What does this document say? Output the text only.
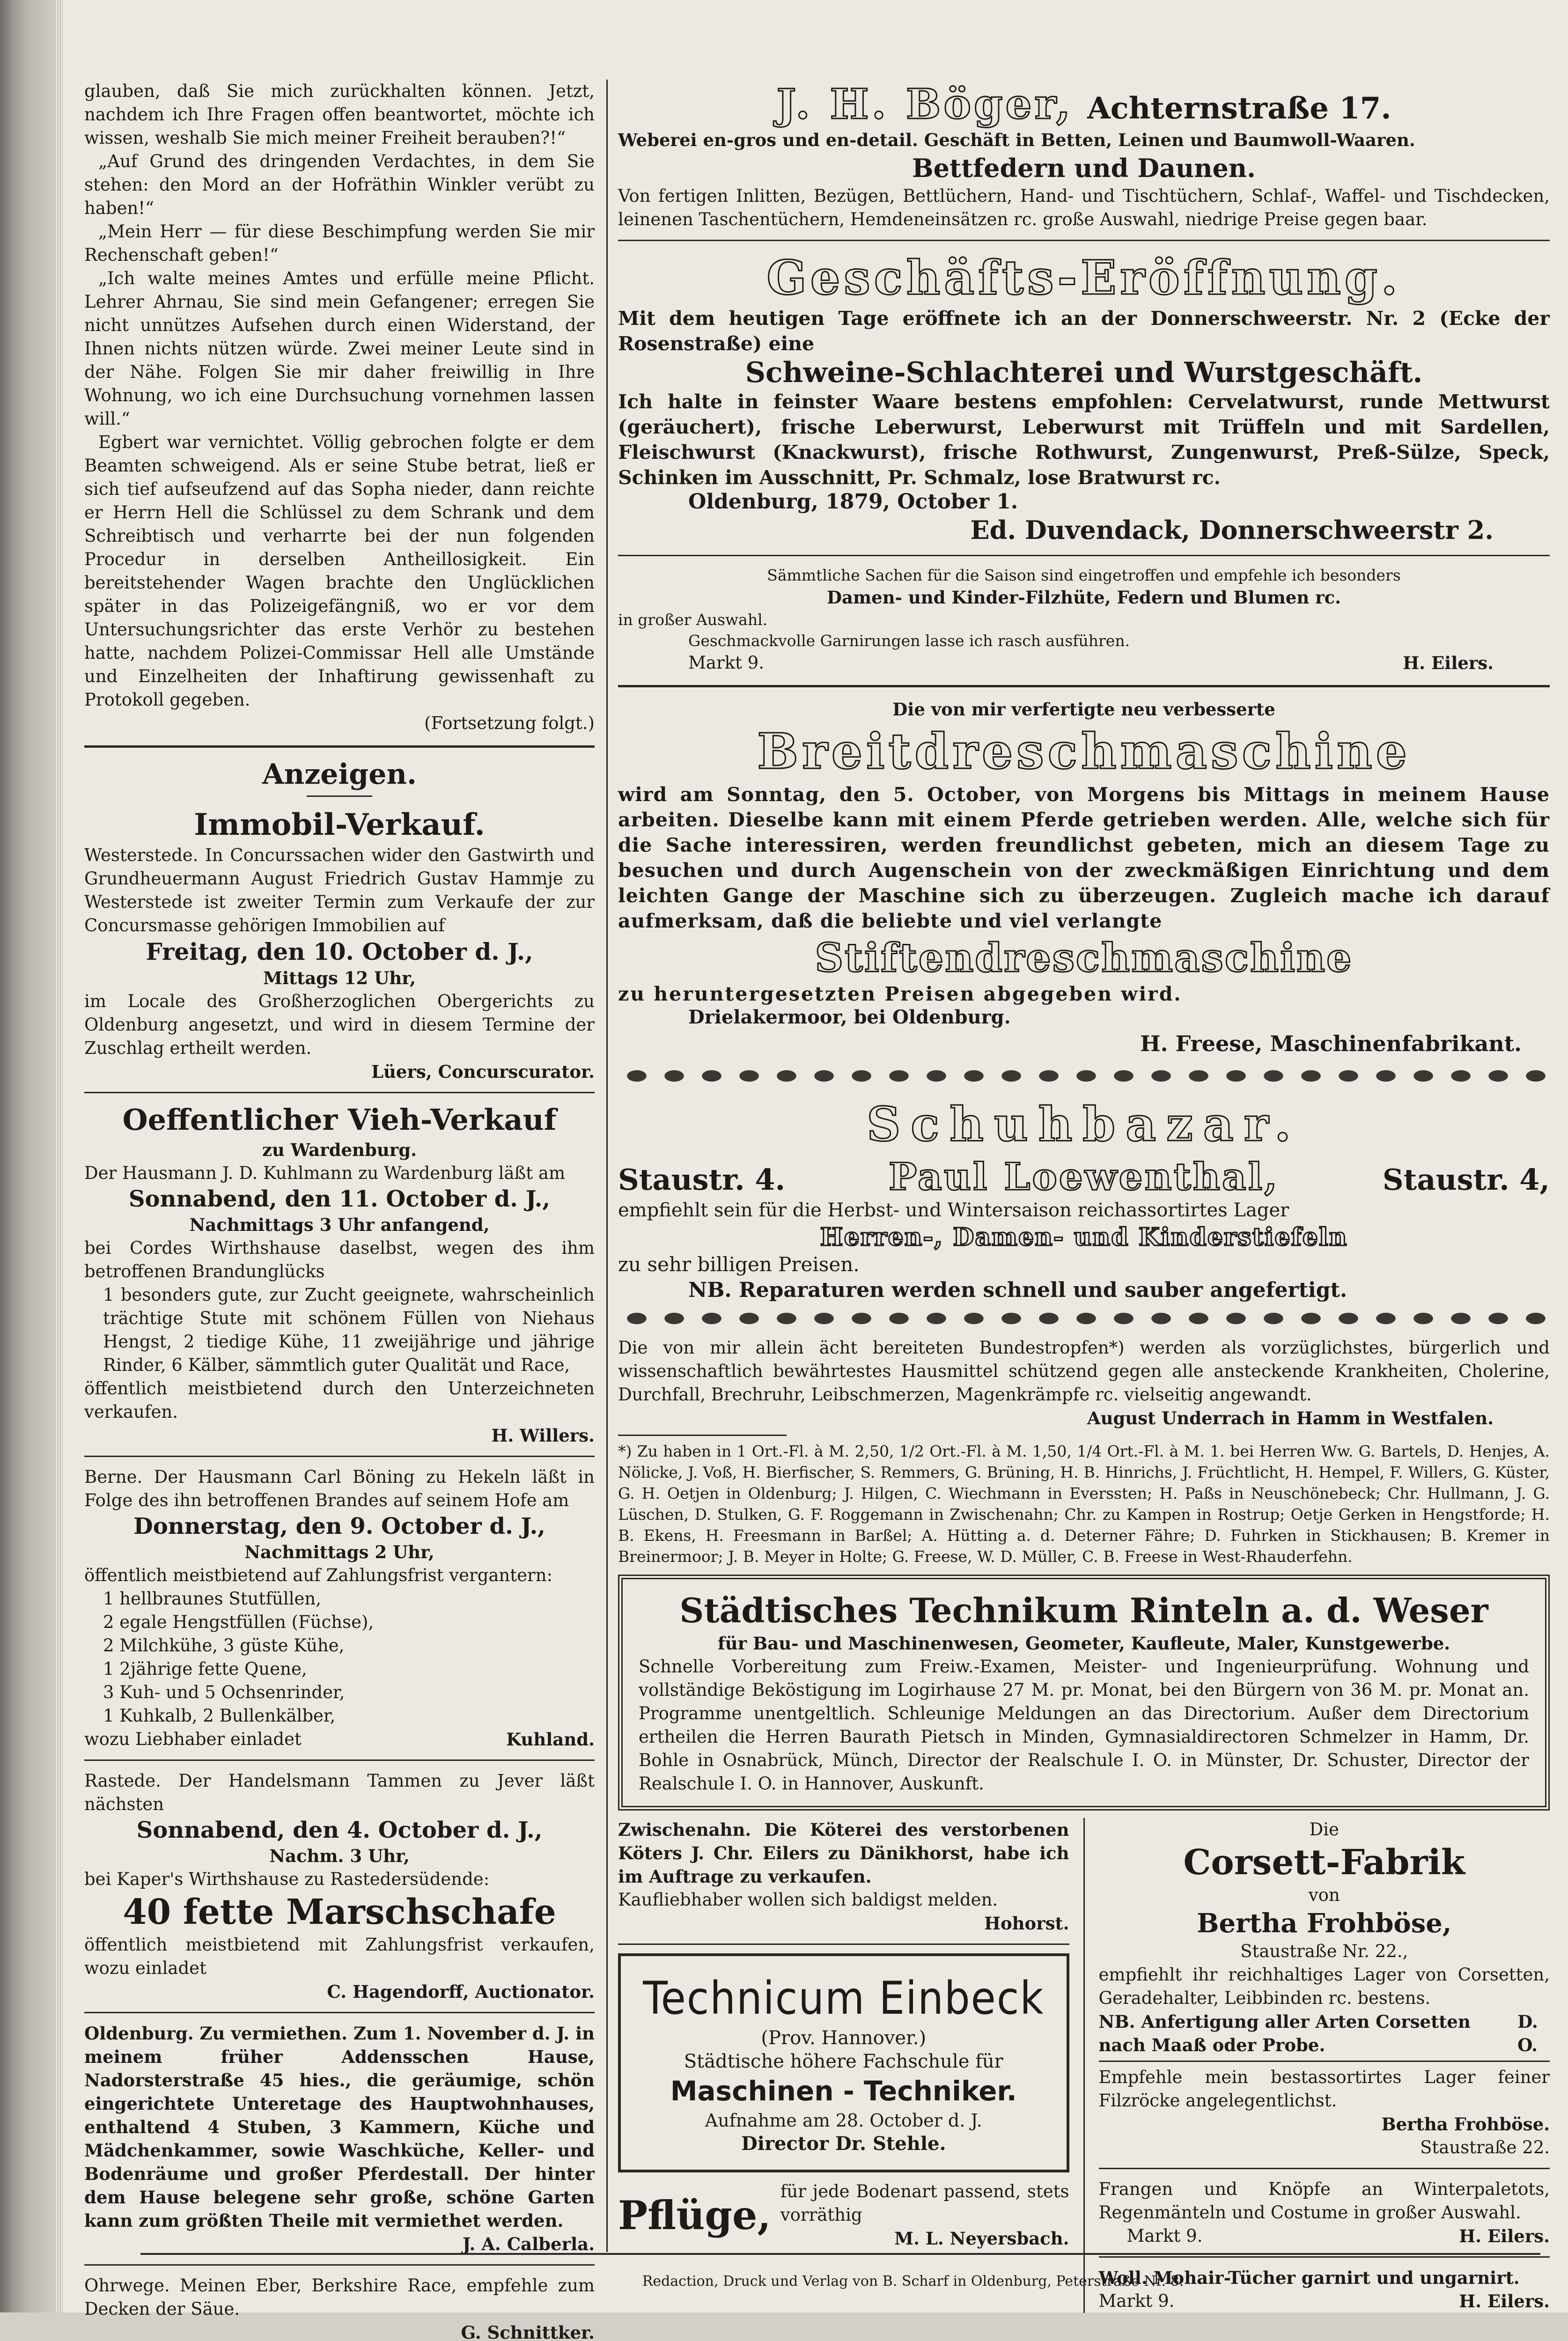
glauben, daß Sie mich zurückhalten können. Jetzt, nachdem ich Ihre Fragen offen beantwortet, möchte ich wissen, weshalb Sie mich meiner Freiheit berauben?!“

„Auf Grund des dringenden Verdachtes, in dem Sie stehen: den Mord an der Hofräthin Winkler verübt zu haben!“

„Mein Herr — für diese Beschimpfung werden Sie mir Rechenschaft geben!“

„Ich walte meines Amtes und erfülle meine Pflicht. Lehrer Ahrnau, Sie sind mein Gefangener; erregen Sie nicht unnützes Aufsehen durch einen Widerstand, der Ihnen nichts nützen würde. Zwei meiner Leute sind in der Nähe. Folgen Sie mir daher freiwillig in Ihre Wohnung, wo ich eine Durchsuchung vornehmen lassen will.“

Egbert war vernichtet. Völlig gebrochen folgte er dem Beamten schweigend. Als er seine Stube betrat, ließ er sich tief aufseufzend auf das Sopha nieder, dann reichte er Herrn Hell die Schlüssel zu dem Schrank und dem Schreibtisch und verharrte bei der nun folgenden Procedur in derselben Antheillosigkeit. Ein bereitstehender Wagen brachte den Unglücklichen später in das Polizeigefängniß, wo er vor dem Untersuchungsrichter das erste Verhör zu bestehen hatte, nachdem Polizei-Commissar Hell alle Umstände und Einzelheiten der Inhaftirung gewissenhaft zu Protokoll gegeben.

(Fortsetzung folgt.)
Anzeigen.
Immobil-Verkauf.

Westerstede. In Concurssachen wider den Gastwirth und Grundheuermann August Friedrich Gustav Hammje zu Westerstede ist zweiter Termin zum Verkaufe der zur Concursmasse gehörigen Immobilien auf

Freitag, den 10. October d. J.,
Mittags 12 Uhr,

im Locale des Großherzoglichen Obergerichts zu Oldenburg angesetzt, und wird in diesem Termine der Zuschlag ertheilt werden.

Lüers, Concurscurator.
Oeffentlicher Vieh-Verkauf
zu Wardenburg.

Der Hausmann J. D. Kuhlmann zu Wardenburg läßt am

Sonnabend, den 11. October d. J.,
Nachmittags 3 Uhr anfangend,

bei Cordes Wirthshause daselbst, wegen des ihm betroffenen Brandunglücks

1 besonders gute, zur Zucht geeignete, wahrscheinlich trächtige Stute mit schönem Füllen von Niehaus Hengst, 2 tiedige Kühe, 11 zweijährige und jährige Rinder, 6 Kälber, sämmtlich guter Qualität und Race,

öffentlich meistbietend durch den Unterzeichneten verkaufen.

H. Willers.

Berne. Der Hausmann Carl Böning zu Hekeln läßt in Folge des ihn betroffenen Brandes auf seinem Hofe am

Donnerstag, den 9. October d. J.,
Nachmittags 2 Uhr,

öffentlich meistbietend auf Zahlungsfrist vergantern:

1 hellbraunes Stutfüllen,
2 egale Hengstfüllen (Füchse),
2 Milchkühe, 3 güste Kühe,
1 2jährige fette Quene,
3 Kuh- und 5 Ochsenrinder,
1 Kuhkalb, 2 Bullenkälber,
wozu Liebhaber einladet	Kuhland.

Rastede. Der Handelsmann Tammen zu Jever läßt nächsten

Sonnabend, den 4. October d. J.,
Nachm. 3 Uhr,

bei Kaper's Wirthshause zu Rastedersüdende:

40 fette Marschschafe

öffentlich meistbietend mit Zahlungsfrist verkaufen, wozu einladet

C. Hagendorff, Auctionator.

Oldenburg. Zu vermiethen. Zum 1. November d. J. in meinem früher Addensschen Hause, Nadorsterstraße 45 hies., die geräumige, schön eingerichtete Unteretage des Hauptwohnhauses, enthaltend 4 Stuben, 3 Kammern, Küche und Mädchenkammer, sowie Waschküche, Keller- und Bodenräume und großer Pferdestall. Der hinter dem Hause belegene sehr große, schöne Garten kann zum größten Theile mit vermiethet werden.

J. A. Calberla.

Ohrwege. Meinen Eber, Berkshire Race, empfehle zum Decken der Säue.

G. Schnittker.
J. H. Böger, Achternstraße 17.

Weberei en-gros und en-detail. Geschäft in Betten, Leinen und Baumwoll-Waaren.

Bettfedern und Daunen.

Von fertigen Inlitten, Bezügen, Bettlüchern, Hand- und Tischtüchern, Schlaf-, Waffel- und Tischdecken, leinenen Taschentüchern, Hemdeneinsätzen rc. große Auswahl, niedrige Preise gegen baar.

Geschäfts-Eröffnung.

Mit dem heutigen Tage eröffnete ich an der Donnerschweerstr. Nr. 2 (Ecke der Rosenstraße) eine

Schweine-Schlachterei und Wurstgeschäft.

Ich halte in feinster Waare bestens empfohlen: Cervelatwurst, runde Mettwurst (geräuchert), frische Leberwurst, Leberwurst mit Trüffeln und mit Sardellen, Fleischwurst (Knackwurst), frische Rothwurst, Zungenwurst, Preß-Sülze, Speck, Schinken im Ausschnitt, Pr. Schmalz, lose Bratwurst rc.

Oldenburg, 1879, October 1.
Ed. Duvendack, Donnerschweerstr 2.
Sämmtliche Sachen für die Saison sind eingetroffen und empfehle ich besonders
Damen- und Kinder-Filzhüte, Federn und Blumen rc.
in großer Auswahl.
Geschmackvolle Garnirungen lasse ich rasch ausführen.
Markt 9.	H. Eilers.
Die von mir verfertigte neu verbesserte
Breitdreschmaschine

wird am Sonntag, den 5. October, von Morgens bis Mittags in meinem Hause arbeiten. Dieselbe kann mit einem Pferde getrieben werden. Alle, welche sich für die Sache interessiren, werden freundlichst gebeten, mich an diesem Tage zu besuchen und durch Augenschein von der zweckmäßigen Einrichtung und dem leichten Gange der Maschine sich zu überzeugen. Zugleich mache ich darauf aufmerksam, daß die beliebte und viel verlangte

Stiftendreschmaschine

zu heruntergesetzten Preisen abgegeben wird.

Drielakermoor, bei Oldenburg.
H. Freese, Maschinenfabrikant.
Schuhbazar.
Staustr. 4.	Paul Loewenthal,	Staustr. 4,

empfiehlt sein für die Herbst- und Wintersaison reichassortirtes Lager

Herren-, Damen- und Kinderstiefeln

zu sehr billigen Preisen.

NB. Reparaturen werden schnell und sauber angefertigt.

Die von mir allein ächt bereiteten Bundestropfen*) werden als vorzüglichstes, bürgerlich und wissenschaftlich bewährtestes Hausmittel schützend gegen alle ansteckende Krankheiten, Cholerine, Durchfall, Brechruhr, Leibschmerzen, Magenkrämpfe rc. vielseitig angewandt.

August Underrach in Hamm in Westfalen.

*) Zu haben in 1 Ort.-Fl. à M. 2,50, 1/2 Ort.-Fl. à M. 1,50, 1/4 Ort.-Fl. à M. 1. bei Herren Ww. G. Bartels, D. Henjes, A. Nölicke, J. Voß, H. Bierfischer, S. Remmers, G. Brüning, H. B. Hinrichs, J. Früchtlicht, H. Hempel, F. Willers, G. Küster, G. H. Oetjen in Oldenburg; J. Hilgen, C. Wiechmann in Everssten; H. Paßs in Neuschönebeck; Chr. Hullmann, J. G. Lüschen, D. Stulken, G. F. Roggemann in Zwischenahn; Chr. zu Kampen in Rostrup; Oetje Gerken in Hengstforde; H. B. Ekens, H. Freesmann in Barßel; A. Hütting a. d. Deterner Fähre; D. Fuhrken in Stickhausen; B. Kremer in Breinermoor; J. B. Meyer in Holte; G. Freese, W. D. Müller, C. B. Freese in West-Rhauderfehn.

Städtisches Technikum Rinteln a. d. Weser
für Bau- und Maschinenwesen, Geometer, Kaufleute, Maler, Kunstgewerbe.

Schnelle Vorbereitung zum Freiw.-Examen, Meister- und Ingenieurprüfung. Wohnung und vollständige Beköstigung im Logirhause 27 M. pr. Monat, bei den Bürgern von 36 M. pr. Monat an. Programme unentgeltlich. Schleunige Meldungen an das Directorium. Außer dem Directorium ertheilen die Herren Baurath Pietsch in Minden, Gymnasialdirectoren Schmelzer in Hamm, Dr. Bohle in Osnabrück, Münch, Director der Realschule I. O. in Münster, Dr. Schuster, Director der Realschule I. O. in Hannover, Auskunft.

Zwischenahn. Die Köterei des verstorbenen Köters J. Chr. Eilers zu Dänikhorst, habe ich im Auftrage zu verkaufen.

Kaufliebhaber wollen sich baldigst melden.
Hohorst.
Technicum Einbeck
(Prov. Hannover.)
Städtische höhere Fachschule für
Maschinen - Techniker.
Aufnahme am 28. October d. J.
Director Dr. Stehle.
Pflüge,
für jede Bodenart passend, stets vorräthig
M. L. Neyersbach.
Die
Corsett-Fabrik
von
Bertha Frohböse,
Staustraße Nr. 22.,

empfiehlt ihr reichhaltiges Lager von Corsetten, Geradehalter, Leibbinden rc. bestens.

NB. Anfertigung aller Arten Corsetten nach Maaß oder Probe.
D. O.

Empfehle mein bestassortirtes Lager feiner Filzröcke angelegentlichst.

Bertha Frohböse.
Staustraße 22.

Frangen und Knöpfe an Winterpaletots, Regenmänteln und Costume in großer Auswahl.

Markt 9.	H. Eilers.
Woll. Mohair-Tücher garnirt und ungarnirt.
Markt 9.	H. Eilers.
Redaction, Druck und Verlag von B. Scharf in Oldenburg, Peterstraße Nr. 8.
